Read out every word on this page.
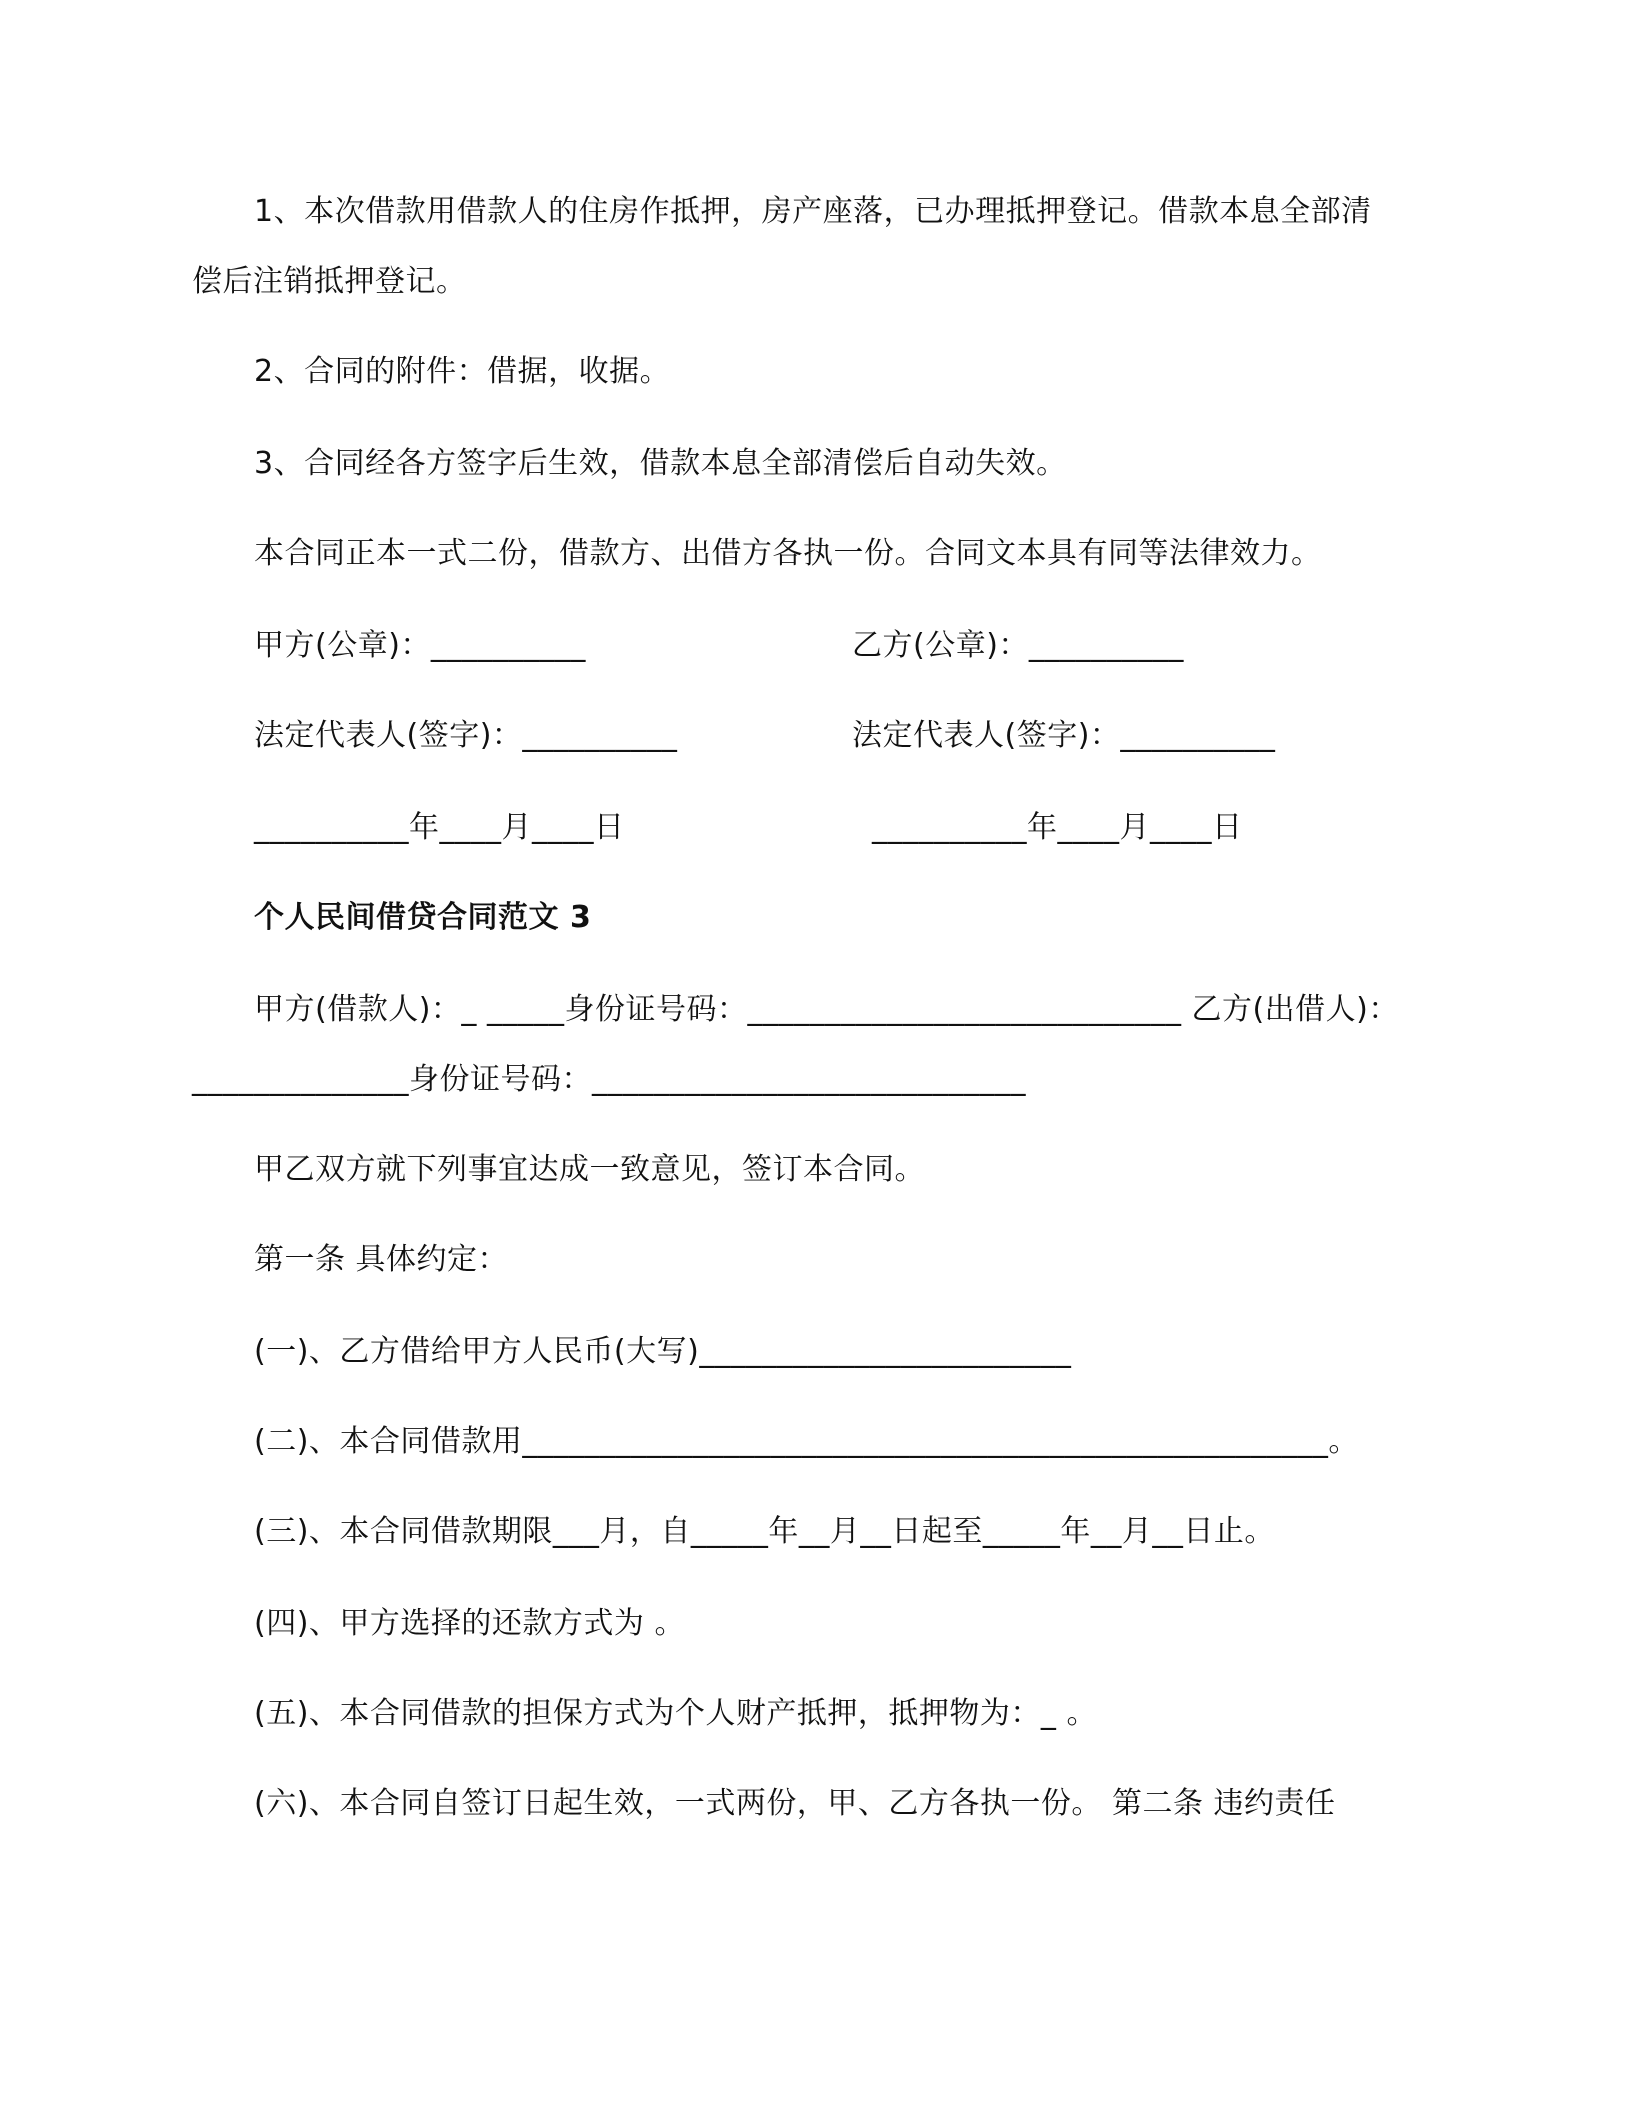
1、本次借款用借款人的住房作抵押，房产座落，已办理抵押登记。借款本息全部清
偿后注销抵押登记。
2、合同的附件：借据，收据。
3、合同经各方签字后生效，借款本息全部清偿后自动失效。
本合同正本一式二份，借款方、出借方各执一份。合同文本具有同等法律效力。
甲方(公章)：__________	乙方(公章)：__________
法定代表人(签字)：__________	法定代表人(签字)：__________
__________年____月____日	__________年____月____日
个人民间借贷合同范文 3
甲方(借款人)：_ _____身份证号码：____________________________ 乙方(出借人)：
______________身份证号码：____________________________
甲乙双方就下列事宜达成一致意见，签订本合同。
第一条 具体约定：
(一)、乙方借给甲方人民币(大写)________________________
(二)、本合同借款用____________________________________________________。
(三)、本合同借款期限___月，自_____年__月__日起至_____年__月__日止。
(四)、甲方选择的还款方式为 。
(五)、本合同借款的担保方式为个人财产抵押，抵押物为：_ 。
(六)、本合同自签订日起生效，一式两份，甲、乙方各执一份。 第二条 违约责任
